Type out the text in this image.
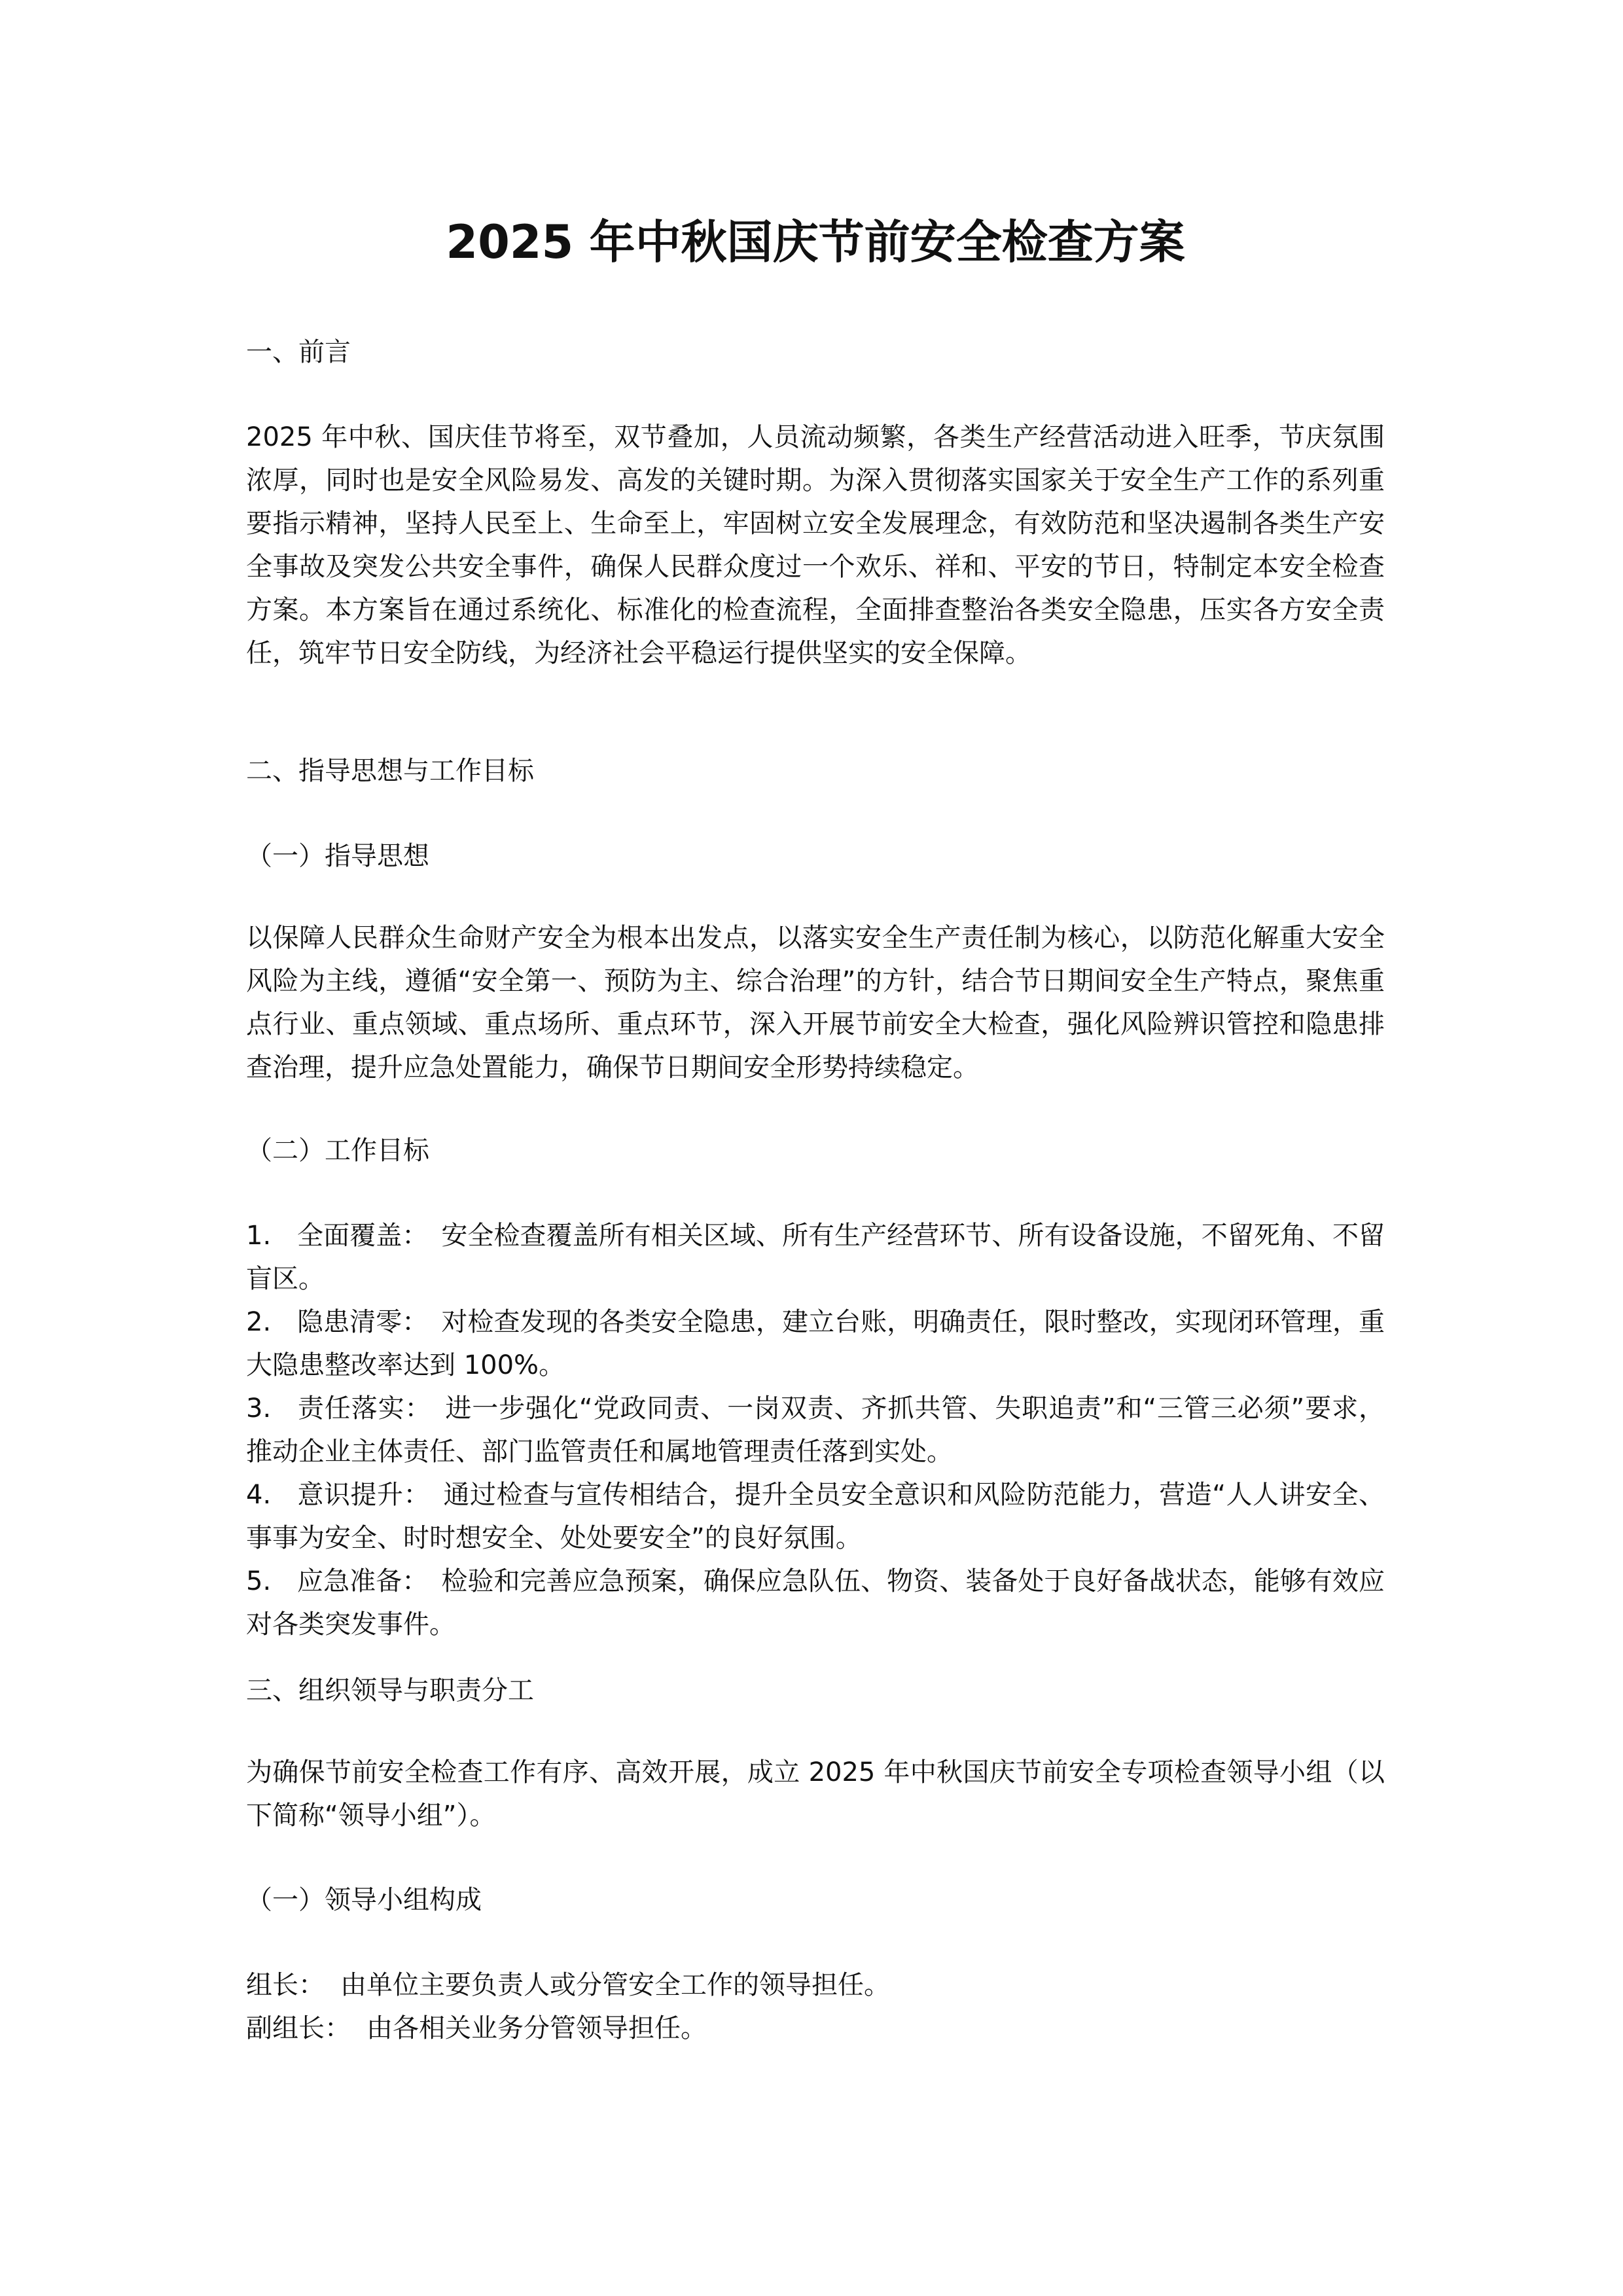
2025 年中秋国庆节前安全检查方案

一、前言

2025 年中秋、国庆佳节将至，双节叠加，人员流动频繁，各类生产经营活动进入旺季，节庆氛围浓厚，同时也是安全风险易发、高发的关键时期。为深入贯彻落实国家关于安全生产工作的系列重要指示精神，坚持人民至上、生命至上，牢固树立安全发展理念，有效防范和坚决遏制各类生产安全事故及突发公共安全事件，确保人民群众度过一个欢乐、祥和、平安的节日，特制定本安全检查方案。本方案旨在通过系统化、标准化的检查流程，全面排查整治各类安全隐患，压实各方安全责任，筑牢节日安全防线，为经济社会平稳运行提供坚实的安全保障。

二、指导思想与工作目标

（一）指导思想

以保障人民群众生命财产安全为根本出发点，以落实安全生产责任制为核心，以防范化解重大安全风险为主线，遵循“安全第一、预防为主、综合治理”的方针，结合节日期间安全生产特点，聚焦重点行业、重点领域、重点场所、重点环节，深入开展节前安全大检查，强化风险辨识管控和隐患排查治理，提升应急处置能力，确保节日期间安全形势持续稳定。

（二）工作目标

1. 全面覆盖： 安全检查覆盖所有相关区域、所有生产经营环节、所有设备设施，不留死角、不留盲区。
2. 隐患清零： 对检查发现的各类安全隐患，建立台账，明确责任，限时整改，实现闭环管理，重大隐患整改率达到 100%。
3. 责任落实： 进一步强化“党政同责、一岗双责、齐抓共管、失职追责”和“三管三必须”要求，推动企业主体责任、部门监管责任和属地管理责任落到实处。
4. 意识提升： 通过检查与宣传相结合，提升全员安全意识和风险防范能力，营造“人人讲安全、事事为安全、时时想安全、处处要安全”的良好氛围。
5. 应急准备： 检验和完善应急预案，确保应急队伍、物资、装备处于良好备战状态，能够有效应对各类突发事件。

三、组织领导与职责分工

为确保节前安全检查工作有序、高效开展，成立 2025 年中秋国庆节前安全专项检查领导小组（以下简称“领导小组”）。

（一）领导小组构成

组长： 由单位主要负责人或分管安全工作的领导担任。
副组长： 由各相关业务分管领导担任。
